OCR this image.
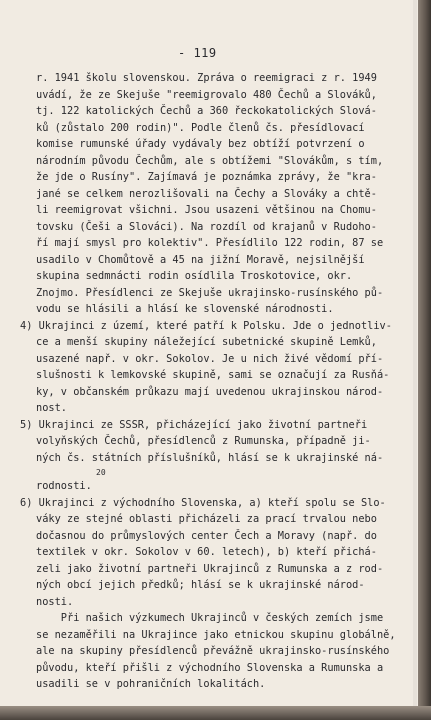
- 119
r. 1941 školu slovenskou. Zpráva o reemigraci z r. 1949
uvádí, že ze Skejuše "reemigrovalo 480 Čechů a Slováků,
tj. 122 katolických Čechů a 360 řeckokatolických Slová-
ků (zůstalo 200 rodin)". Podle členů čs. přesídlovací
komise rumunské úřady vydávaly bez obtíží potvrzení o
národním původu Čechům, ale s obtížemi "Slovákům, s tím,
že jde o Rusíny". Zajímavá je poznámka zprávy, že "kra-
jané se celkem nerozlišovali na Čechy a Slováky a chtě-
li reemigrovat všichni. Jsou usazeni většinou na Chomu-
tovsku (Češi a Slováci). Na rozdíl od krajanů v Rudoho-
ří mají smysl pro kolektiv". Přesídlilo 122 rodin, 87 se
usadilo v Chomůtově a 45 na jižní Moravě, nejsilnější
skupina sedmnácti rodin osídlila Troskotovice, okr.
Znojmo. Přesídlenci ze Skejuše ukrajinsko-rusínského pů-
vodu se hlásili a hlásí ke slovenské národnosti.
4) Ukrajinci z území, které patří k Polsku. Jde o jednotliv-
ce a menší skupiny náležející subetnické skupině Lemků,
usazené např. v okr. Sokolov. Je u nich živé vědomí pří-
slušnosti k lemkovské skupině, sami se označují za Rusňá-
ky, v občanském průkazu mají uvedenou ukrajinskou národ-
nost.
5) Ukrajinci ze SSSR, přicházející jako životní partneři
volyňských Čechů, přesídlenců z Rumunska, případně ji-
ných čs. státních příslušníků, hlásí se k ukrajinské ná-
20
rodnosti.
6) Ukrajinci z východního Slovenska, a) kteří spolu se Slo-
váky ze stejné oblasti přicházeli za prací trvalou nebo
dočasnou do průmyslových center Čech a Moravy (např. do
textilek v okr. Sokolov v 60. letech), b) kteří přichá-
zeli jako životní partneři Ukrajinců z Rumunska a z rod-
ných obcí jejich předků; hlásí se k ukrajinské národ-
nosti.
Při našich výzkumech Ukrajinců v českých zemích jsme
se nezaměřili na Ukrajince jako etnickou skupinu globálně,
ale na skupiny přesídlenců převážně ukrajinsko-rusínského
původu, kteří přišli z východního Slovenska a Rumunska a
usadili se v pohraničních lokalitách.
